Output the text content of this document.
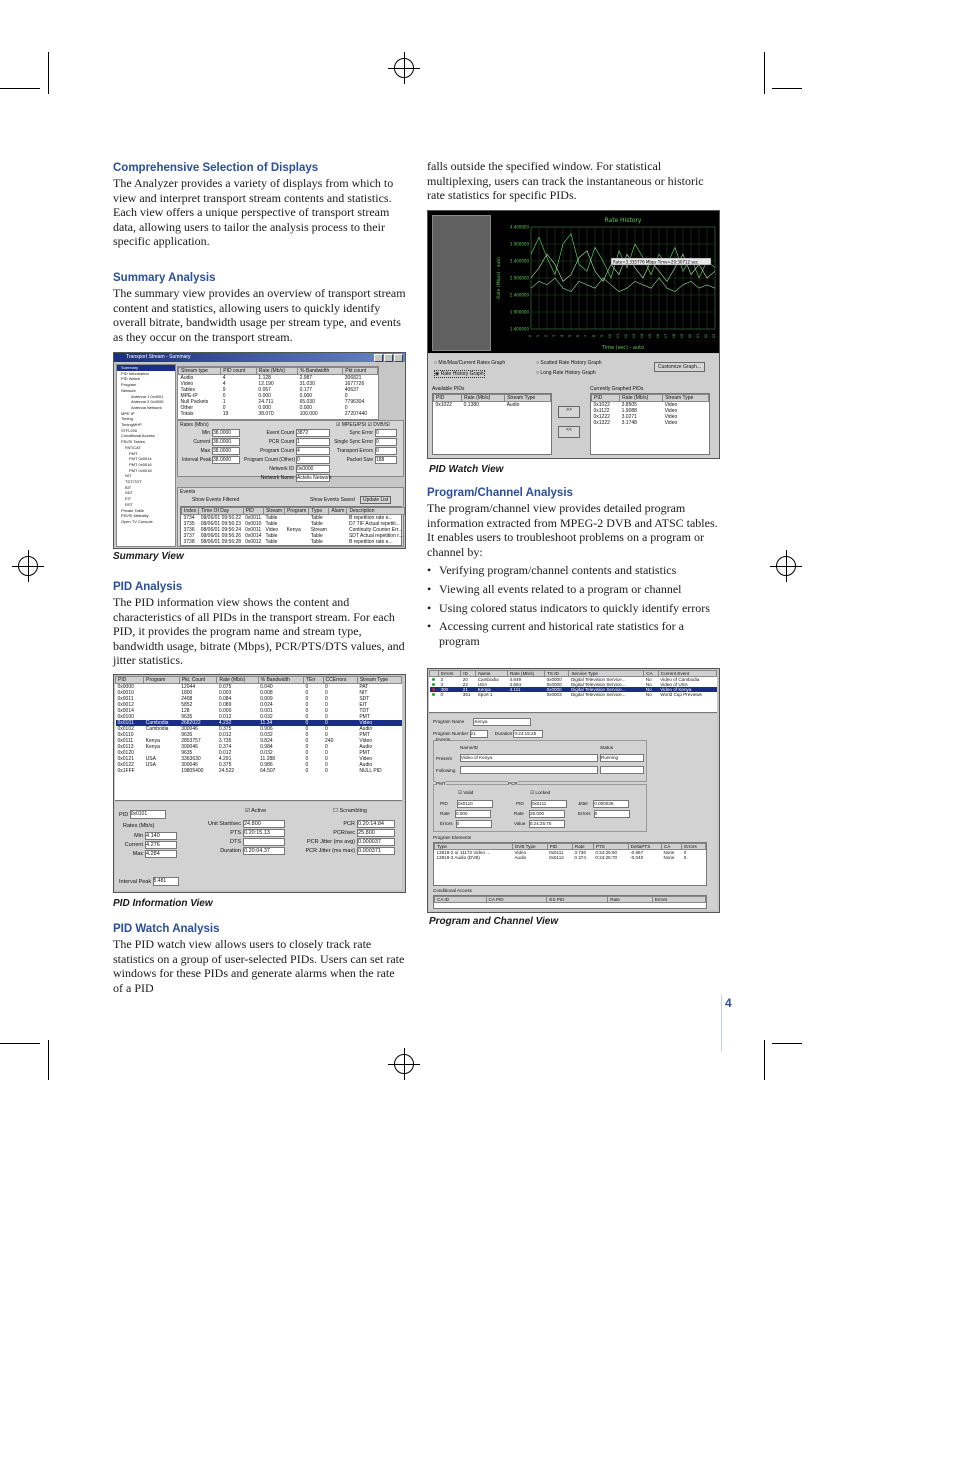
Comprehensive Selection of Displays

The Analyzer provides a variety of displays from which to view and interpret transport stream contents and statistics. Each view offers a unique perspective of transport stream data, allowing users to tailor the analysis process to their specific application.

Summary Analysis

The summary view provides an overview of transport stream content and statistics, allowing users to quickly identify overall bitrate, bandwidth usage per stream type, and events as they occur on the transport stream.

Transport Stream - Summary
Summary
PID Information
PID Watch
Program
Network
Antenna 1 0x4001
Antenna 2 0x4005
Antenna Network
MPE IP
Timing
TimingMHP
STR-290
Conditional Access
PSI/SI Tables
PAT/CAT
PMT
PMT 0x0014
PMT 0x0016
PMT 0x0018
NIT
TDT/TOT
BIT
SDT
EIT
RST
Private Table
PSI/SI Metrality
Open TV Console
Stream type	PID count	Rate (Mb/s)	% Bandwidth	Pkt count
Audio	4	1.128	2.987	306821
Video	4	12.190	31.030	1677726
Tables	9	0.067	0.177	40637
MPE-IP	0	0.000	0.000	0
Null Packets	1	24.711	65.030	7796304
Other	0	0.000	0.000	0
Totals	19	38.070	100.000	27207440
Rates (Mb/s)
Min 38.0000
Current 38.0000
Max 38.0000
Interval Peak 38.0000
Event Count 3872
PCR Count 1
Program Count 4
Program Count (Other) 0
Network ID 0x0000
Network Name Actelis Network
Sync Error 0
Single Sync Error 0
Transport Errors 0
Packet Size 188
☑ MPEG/PSI ☑ DVB/SI
Events
Show Events Filtered	Show Events Saved	Update List
Index	Time Of Day	PID	Stream	Program	Type	Alarm	Description
3734	08/06/01 09:56:22	0x0011	Table		Table		B repetition rate e...
3735	08/06/01 09:56:23	0x0010	Table		Table		D7 TIF Actual repetiti...
3736	08/06/01 09:56:24	0x0011	Video	Kenya	Stream		Continuity Counter Err...
3737	08/06/01 09:56:26	0x0014	Table		Table		SDT Actual repetition r...
3738	08/06/01 09:56:28	0x0012	Table		Table		B repetition rate e...
Summary View
PID Analysis

The PID information view shows the content and characteristics of all PIDs in the transport stream. For each PID, it provides the program name and stream type, bandwidth usage, bitrate (Mbps), PCR/PTS/DTS values, and jitter statistics.

PID	Program	Pkt. Count	Rate (Mb/s)	% Bandwidth	TErr	CCErrors	Stream Type
0x0000		12044	0.075	0.040	0	0	PAT
0x0010		1800	0.003	0.008	0	0	NIT
0x0011		2408	0.084	0.009	0	0	SDT
0x0012		5852	0.089	0.024	0	0	EIT
0x0014		128	0.000	0.001	0	0	TDT
0x0100		9635	0.012	0.032	0	0	PMT
0x0101	Cambodia	2682022	4.232	11.34	0	0	Video
0x0102	Cambodia	300046	0.375	0.906	0	0	Audio
0x0110		9635	0.012	0.032	0	0	PMT
0x0111	Kenya	2853757	3.735	9.824	0	240	Video
0x0113	Kenya	300046	0.374	0.984	0	0	Audio
0x0120		9635	0.012	0.032	0	0	PMT
0x0121	USA	3363630	4.291	11.288	0	0	Video
0x0122	USA	300046	0.375	0.986	0	0	Audio
0x1FFF		19805400	24.522	64.507	0	0	NULL PID
PID 0x0101
Rates (Mb/s)
Min 4.140
Current 4.276
Max 4.284
Interval Peak 5.481
☑ Active	☐ Scrambling
Unit Start/sec 24.800
PTS 0.20:15.13
DTS
Duration 0.20:04.37
PCR 0.20:14.84
PCR/sec 25.800
PCR Jitter (ms avg) 0.000037
PCR Jitter (ms max) 0.000371
PID Information View
PID Watch Analysis

The PID watch view allows users to closely track rate statistics on a group of user-selected PIDs. Users can set rate windows for these PIDs and generate alarms when the rate of a PID

falls outside the specified window. For statistical multiplexing, users can track the instantaneous or historic rate statistics for specific PIDs.

4.400000
3.900000
3.400000
2.900000
2.400000
1.900000
1.400000
0 1 2 3 4 5 6 7 8 9 10 11 12 13 14 15 16 17 18 19 20 21 22 23
Rate History
Time (sec) - auto
Rate (Mbps) - auto	Rate=3.335776 Mbps Time=20:30712 sec
○ Min/Max/Current Rates Graph	○ Scatted Rate History Graph
◉ Rate History Graph	○ Long Rate History Graph
Customize Graph...
Available PIDs
PID	Rate (Mb/s)	Stream Type
0x1022	0.1380	Audio
>>
<<
Currently Graphed PIDs
PID	Rate (Mb/s)	Stream Type
0x1022	3.8505	Video
0x1122	1.9088	Video
0x1222	3.0271	Video
0x1322	3.1748	Video
PID Watch View
Program/Channel Analysis

The program/channel view provides detailed program information extracted from MPEG-2 DVB and ATSC tables. It enables users to troubleshoot problems on a program or channel by:

• Verifying program/channel contents and statistics
• Viewing all events related to a program or channel
• Using colored status indicators to quickly identify errors
• Accessing current and historical rate statistics for a program
	Errors	ID	Name	Rate (Mb/s)	TS ID	Service Type	CA	Current Event
	3	20	Cambodia	4.649	0x0000	Digital Television Service...	No	Video of Cambodia
	3	22	USA	4.654	0x0000	Digital Television Service...	No	Video of USA
	300	21	Kenya	4.111	0x0000	Digital Television Service...	No	Video of Kenya
	0	361	Sport 1		0x0003	Digital Television Service...	No	World Cup Previews
Program Name Kenya
Program Number 21	Duration 0:24:15:25
Events
Name/ID	Status
Present Video of Kenya	Running
Following
PMT	PCR
☑ Valid	☑ Locked
PID 0x0110	PID 0x0111
Rate 0.000	Rate 25.000
Errors 0	Value 0:24:25:75
Jitter 0.000036
Errors 0
Program Elements
Type	DVB Type	PID	Rate	PTS	DeltaPTS	CA	Errors
13818-2 or 11172 Video ...	Video	0x0111	3.736	0:24:25:60	-0.667	None	0
13818-3 Audio (DVB)	Audio	0x0112	0.374	0:24:25:70	-0.040	None	0
Conditional Access
CA ID	CA PID	ES PID	Rate	Errors
Program and Channel View
4
